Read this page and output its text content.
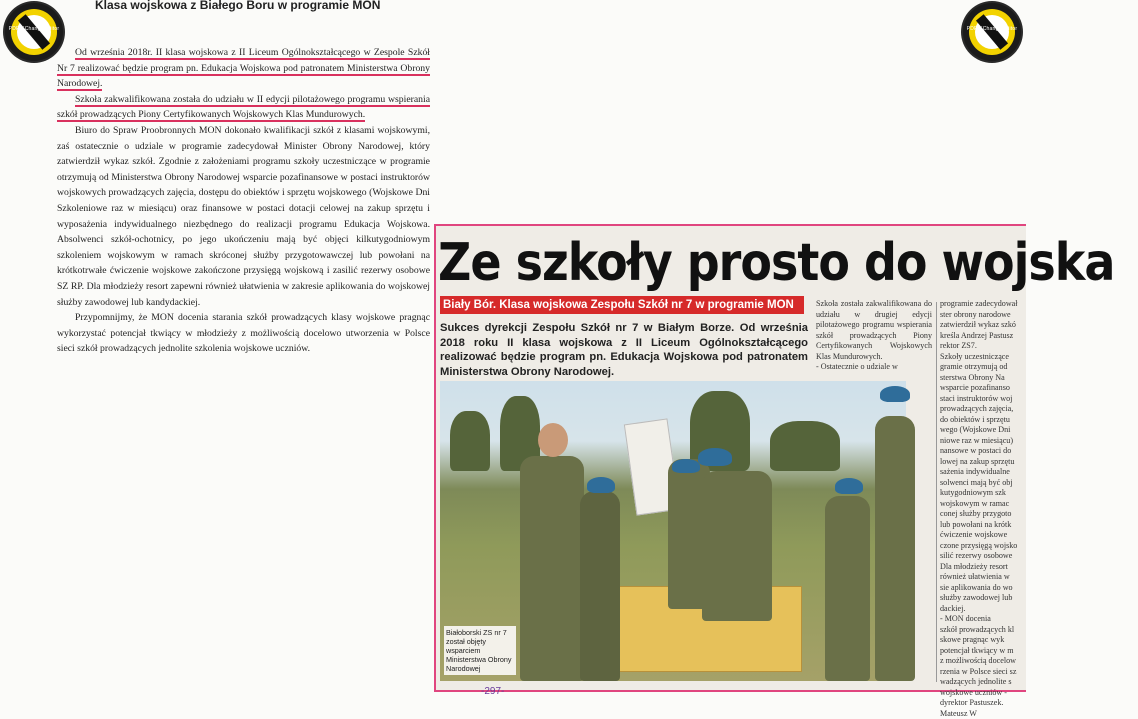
PDF-XChange Editor	PDF-XChange Editor
Klasa wojskowa z Białego Boru w programie MON

Od września 2018r. II klasa wojskowa z II Liceum Ogólnokształcącego w Zespole Szkół Nr 7 realizować będzie program pn. Edukacja Wojskowa pod patronatem Ministerstwa Obrony Narodowej.

Szkoła zakwalifikowana została do udziału w II edycji pilotażowego programu wspierania szkół prowadzących Piony Certyfikowanych Wojskowych Klas Mundurowych.

Biuro do Spraw Proobronnych MON dokonało kwalifikacji szkół z klasami wojskowymi, zaś ostatecznie o udziale w programie zadecydował Minister Obrony Narodowej, który zatwierdził wykaz szkół. Zgodnie z założeniami programu szkoły uczestniczące w programie otrzymują od Ministerstwa Obrony Narodowej wsparcie pozafinansowe w postaci instruktorów wojskowych prowadzących zajęcia, dostępu do obiektów i sprzętu wojskowego (Wojskowe Dni Szkoleniowe raz w miesiącu) oraz finansowe w postaci dotacji celowej na zakup sprzętu i wyposażenia indywidualnego niezbędnego do realizacji programu Edukacja Wojskowa. Absolwenci szkół-ochotnicy, po jego ukończeniu mają być objęci kilkutygodniowym szkoleniem wojskowym w ramach skróconej służby przygotowawczej lub powołani na krótkotrwałe ćwiczenie wojskowe zakończone przysięgą wojskową i zasilić rezerwy osobowe SZ RP. Dla młodzieży resort zapewni również ułatwienia w zakresie aplikowania do wojskowej służby zawodowej lub kandydackiej.

Przypomnijmy, że MON docenia starania szkół prowadzących klasy wojskowe pragnąc wykorzystać potencjał tkwiący w młodzieży z możliwością docelowo utworzenia w Polsce sieci szkół prowadzących jednolite szkolenia wojskowe uczniów.

Ze szkoły prosto do wojska
Biały Bór. Klasa wojskowa Zespołu Szkół nr 7 w programie MON
Sukces dyrekcji Zespołu Szkół nr 7 w Białym Borze. Od września 2018 roku II klasa wojskowa z II Liceum Ogólnokształcącego realizować będzie program pn. Edukacja Wojskowa pod patronatem Ministerstwa Obrony Narodowej.
Szkoła została zakwalifikowana do udziału w drugiej edycji pilotażowego programu wspierania szkół prowadzących Piony Certyfikowanych Wojskowych Klas Mundurowych.
- Ostatecznie o udziale w
programie zadecydował
ster obrony narodowe
zatwierdził wykaz szkó
kreśla Andrzej Pastusz
rektor ZS7.
Szkoły uczestniczące
gramie otrzymują od
sterstwa Obrony Na
wsparcie pozafinanso
staci instruktorów woj
prowadzących zajęcia,
do obiektów i sprzętu
wego (Wojskowe Dni
niowe raz w miesiącu)
nansowe w postaci do
lowej na zakup sprzętu
sażenia indywidualne
solwenci mają być obj
kutygodniowym szk
wojskowym w ramac
conej służby przygoto
lub powołani na krótk
ćwiczenie wojskowe
czone przysięgą wojsko
silić rezerwy osobowe
Dla młodzieży resort
również ułatwienia w
sie aplikowania do wo
służby zawodowej lub
dackiej.
- MON docenia
szkół prowadzących kl
skowe pragnąc wyk
potencjał tkwiący w m
z możliwością docelow
rzenia w Polsce sieci sz
wadzących jednolite s
wojskowe uczniów -
dyrektor Pastuszek.
Mateusz W
Białoborski ZS nr 7 został objęty wsparciem Ministerstwa Obrony Narodowej
-297-
